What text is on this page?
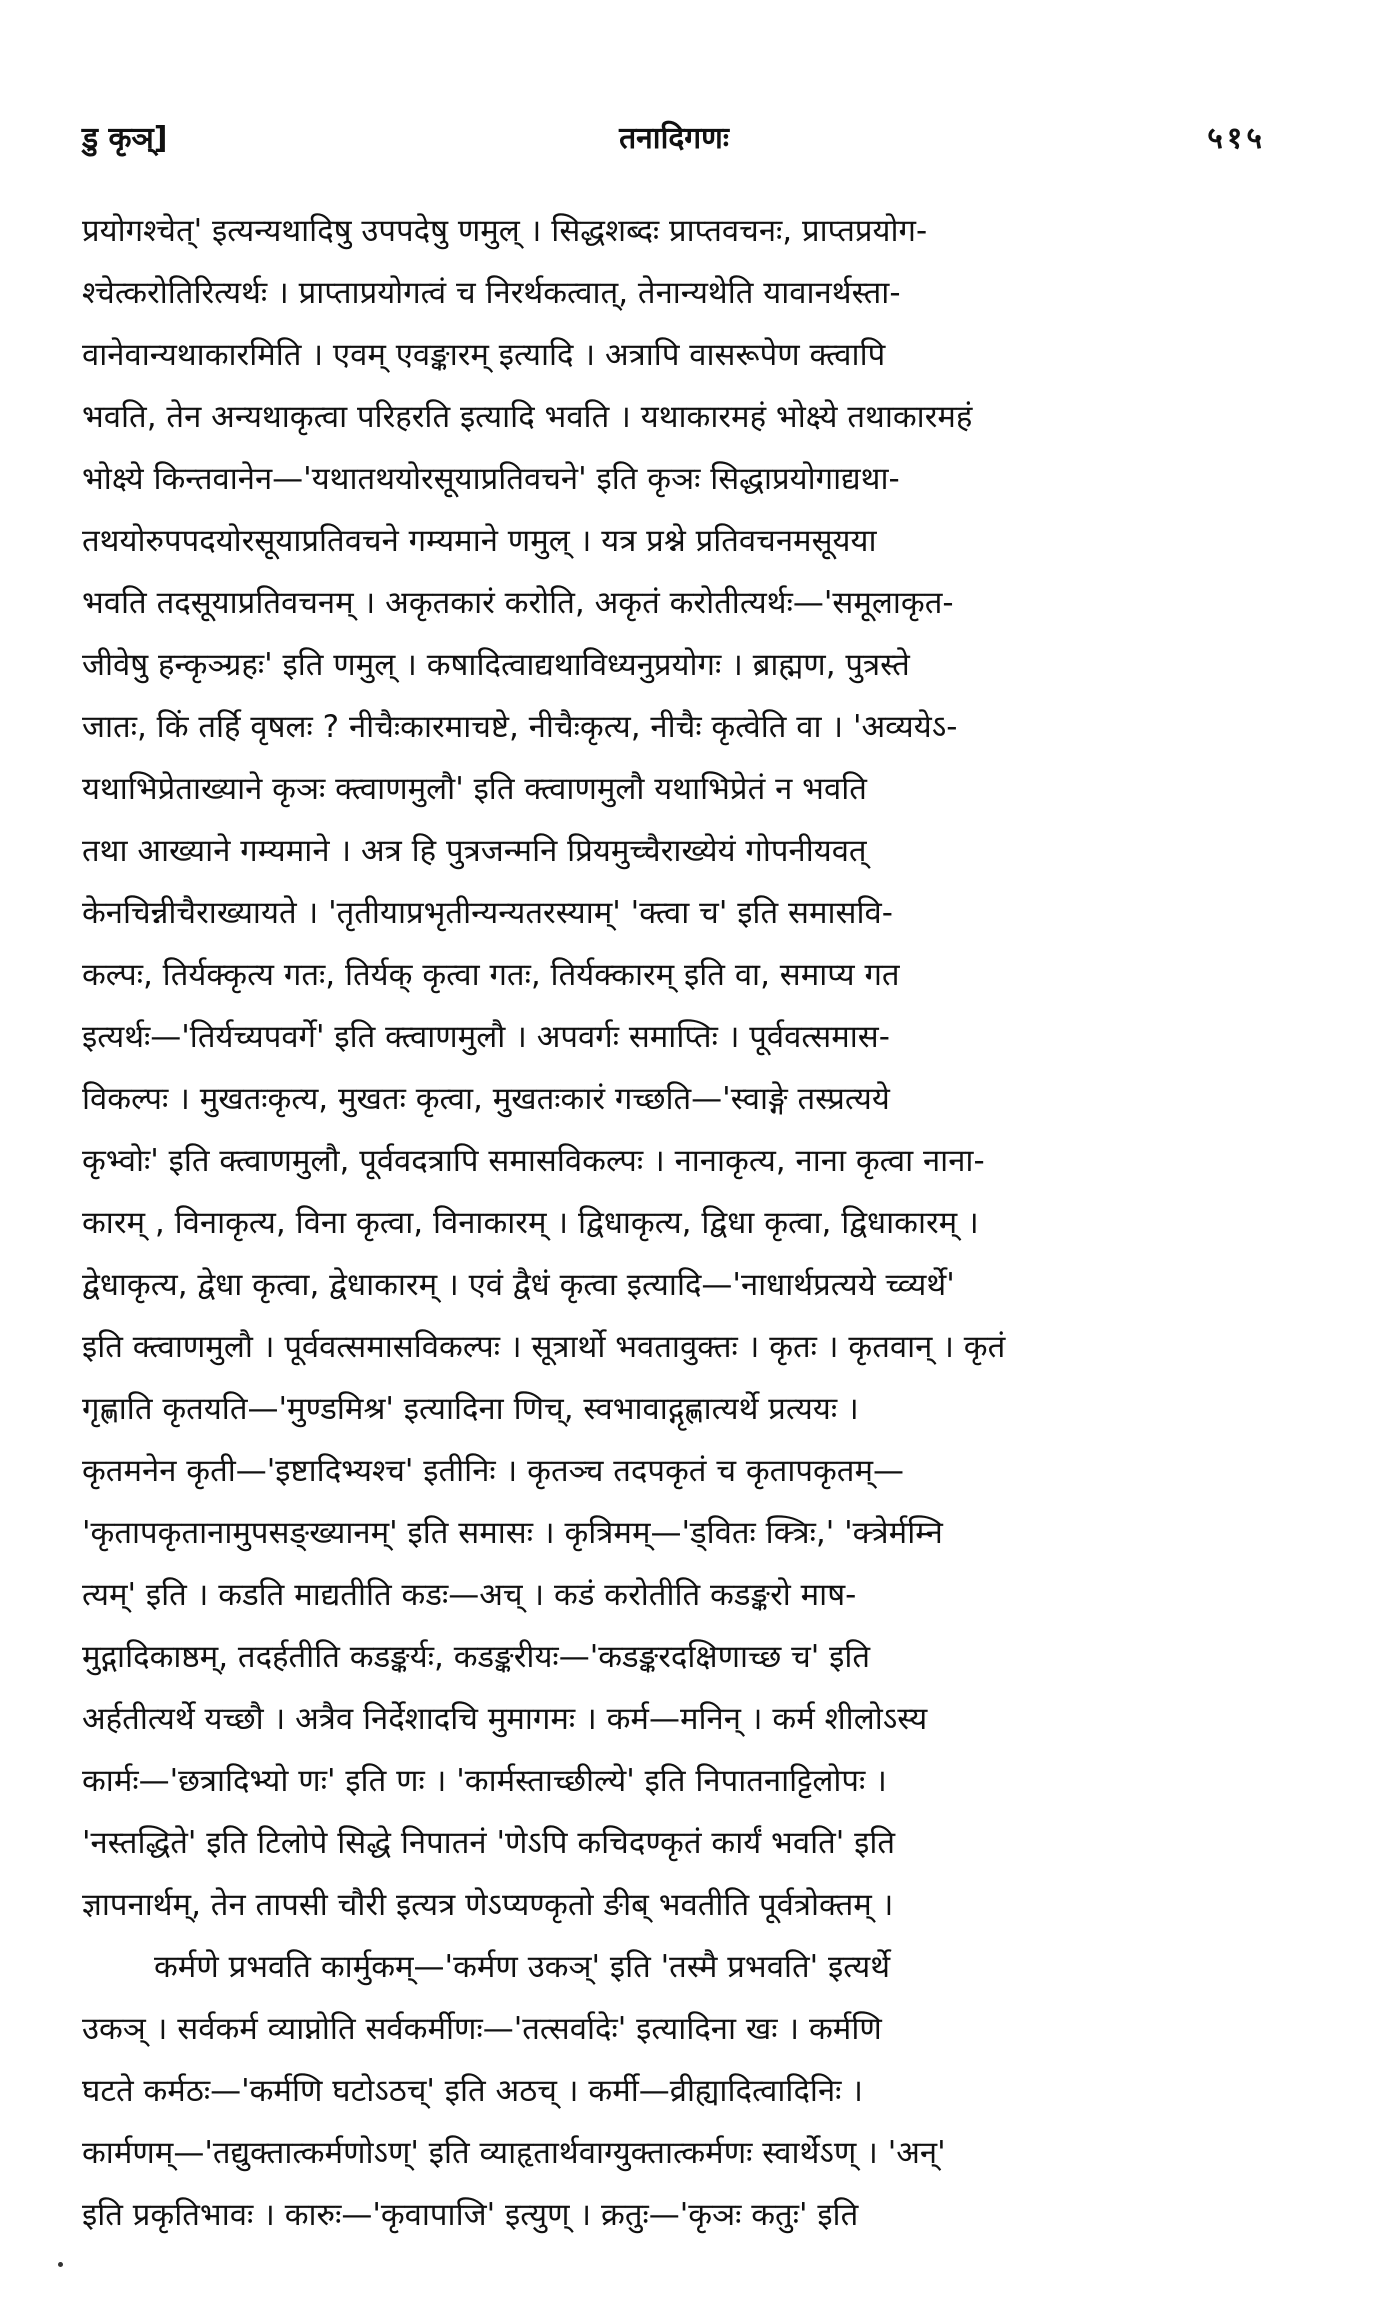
डु कृञ्]	तनादिगणः	५१५
प्रयोगश्चेत्' इत्यन्यथादिषु उपपदेषु णमुल् । सिद्धशब्दः प्राप्तवचनः, प्राप्तप्रयोग-
श्चेत्करोतिरित्यर्थः । प्राप्ताप्रयोगत्वं च निरर्थकत्वात्, तेनान्यथेति यावानर्थस्ता-
वानेवान्यथाकारमिति । एवम् एवङ्कारम् इत्यादि । अत्रापि वासरूपेण क्त्वापि
भवति, तेन अन्यथाकृत्वा परिहरति इत्यादि भवति । यथाकारमहं भोक्ष्ये तथाकारमहं
भोक्ष्ये किन्तवानेन—'यथातथयोरसूयाप्रतिवचने' इति कृञः सिद्धाप्रयोगाद्यथा-
तथयोरुपपदयोरसूयाप्रतिवचने गम्यमाने णमुल् । यत्र प्रश्ने प्रतिवचनमसूयया
भवति तदसूयाप्रतिवचनम् । अकृतकारं करोति, अकृतं करोतीत्यर्थः—'समूलाकृत-
जीवेषु हन्कृञ्ग्रहः' इति णमुल् । कषादित्वाद्यथाविध्यनुप्रयोगः । ब्राह्मण, पुत्रस्ते
जातः, किं तर्हि वृषलः ? नीचैःकारमाचष्टे, नीचैःकृत्य, नीचैः कृत्वेति वा । 'अव्ययेऽ-
यथाभिप्रेताख्याने कृञः क्त्वाणमुलौ' इति क्त्वाणमुलौ यथाभिप्रेतं न भवति
तथा आख्याने गम्यमाने । अत्र हि पुत्रजन्मनि प्रियमुच्चैराख्येयं गोपनीयवत्
केनचिन्नीचैराख्यायते । 'तृतीयाप्रभृतीन्यन्यतरस्याम्' 'क्त्वा च' इति समासवि-
कल्पः, तिर्यक्कृत्य गतः, तिर्यक् कृत्वा गतः, तिर्यक्कारम् इति वा, समाप्य गत
इत्यर्थः—'तिर्यच्यपवर्गे' इति क्त्वाणमुलौ । अपवर्गः समाप्तिः । पूर्ववत्समास-
विकल्पः । मुखतःकृत्य, मुखतः कृत्वा, मुखतःकारं गच्छति—'स्वाङ्गे तस्प्रत्यये
कृभ्वोः' इति क्त्वाणमुलौ, पूर्ववदत्रापि समासविकल्पः । नानाकृत्य, नाना कृत्वा नाना-
कारम् , विनाकृत्य, विना कृत्वा, विनाकारम् । द्विधाकृत्य, द्विधा कृत्वा, द्विधाकारम् ।
द्वेधाकृत्य, द्वेधा कृत्वा, द्वेधाकारम् । एवं द्वैधं कृत्वा इत्यादि—'नाधार्थप्रत्यये च्व्यर्थे'
इति क्त्वाणमुलौ । पूर्ववत्समासविकल्पः । सूत्रार्थो भवतावुक्तः । कृतः । कृतवान् । कृतं
गृह्णाति कृतयति—'मुण्डमिश्र' इत्यादिना णिच्, स्वभावाद्गृह्णात्यर्थे प्रत्ययः ।
कृतमनेन कृती—'इष्टादिभ्यश्च' इतीनिः । कृतञ्च तदपकृतं च कृतापकृतम्—
'कृतापकृतानामुपसङ्ख्यानम्' इति समासः । कृत्रिमम्—'ड्वितः क्त्रिः,' 'क्त्रेर्मम्नि
त्यम्' इति । कडति माद्यतीति कडः—अच् । कडं करोतीति कडङ्करो माष-
मुद्गादिकाष्ठम्, तदर्हतीति कडङ्कर्यः, कडङ्करीयः—'कडङ्करदक्षिणाच्छ च' इति
अर्हतीत्यर्थे यच्छौ । अत्रैव निर्देशादचि मुमागमः । कर्म—मनिन् । कर्म शीलोऽस्य
कार्मः—'छत्रादिभ्यो णः' इति णः । 'कार्मस्ताच्छील्ये' इति निपातनाट्टिलोपः ।
'नस्तद्धिते' इति टिलोपे सिद्धे निपातनं 'णेऽपि कचिदण्कृतं कार्यं भवति' इति
ज्ञापनार्थम्, तेन तापसी चौरी इत्यत्र णेऽप्यण्कृतो ङीब् भवतीति पूर्वत्रोक्तम् ।
कर्मणे प्रभवति कार्मुकम्—'कर्मण उकञ्' इति 'तस्मै प्रभवति' इत्यर्थे
उकञ् । सर्वकर्म व्याप्नोति सर्वकर्मीणः—'तत्सर्वादेः' इत्यादिना खः । कर्मणि
घटते कर्मठः—'कर्मणि घटोऽठच्' इति अठच् । कर्मी—व्रीह्यादित्वादिनिः ।
कार्मणम्—'तद्युक्तात्कर्मणोऽण्' इति व्याहृतार्थवाग्युक्तात्कर्मणः स्वार्थेऽण् । 'अन्'
इति प्रकृतिभावः । कारुः—'कृवापाजि' इत्युण् । क्रतुः—'कृञः कतुः' इति
